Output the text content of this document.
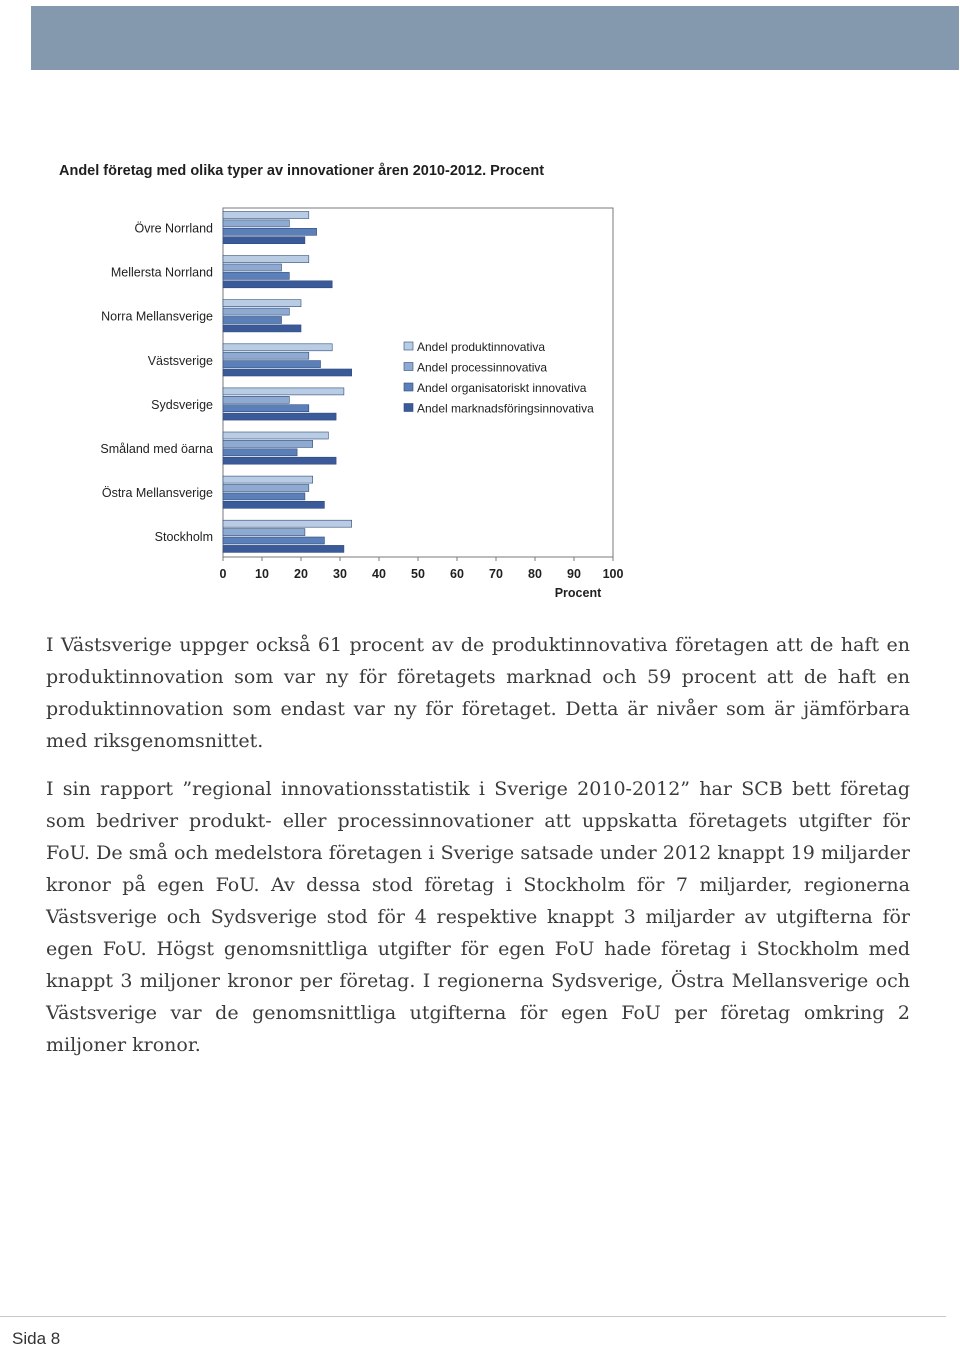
Andel företag med olika typer av innovationer åren 2010-2012. Procent
Övre Norrland
Mellersta Norrland
Norra Mellansverige
Västsverige
Sydsverige
Småland med öarna
Östra Mellansverige
Stockholm
0 10 20 30 40 50 60 70 80 90 100
Procent
Andel produktinnovativa
Andel processinnovativa
Andel organisatoriskt innovativa
Andel marknadsföringsinnovativa

I Västsverige uppger också 61 procent av de produktinnovativa företagen att de haft en produktinnovation som var ny för företagets marknad och 59 procent att de haft en produktinnovation som endast var ny för företaget. Detta är nivåer som är jämförbara med riksgenomsnittet.

I sin rapport ”regional innovationsstatistik i Sverige 2010-2012” har SCB bett företag som bedriver produkt- eller processinnovationer att uppskatta företagets utgifter för FoU. De små och medelstora företagen i Sverige satsade under 2012 knappt 19 miljarder kronor på egen FoU. Av dessa stod företag i Stockholm för 7 miljarder, regionerna Västsverige och Sydsverige stod för 4 respektive knappt 3 miljarder av utgifterna för egen FoU. Högst genomsnittliga utgifter för egen FoU hade företag i Stockholm med knappt 3 miljoner kronor per företag. I regionerna Sydsverige, Östra Mellansverige och Västsverige var de genomsnittliga utgifterna för egen FoU per företag omkring 2 miljoner kronor.

Sida 8
